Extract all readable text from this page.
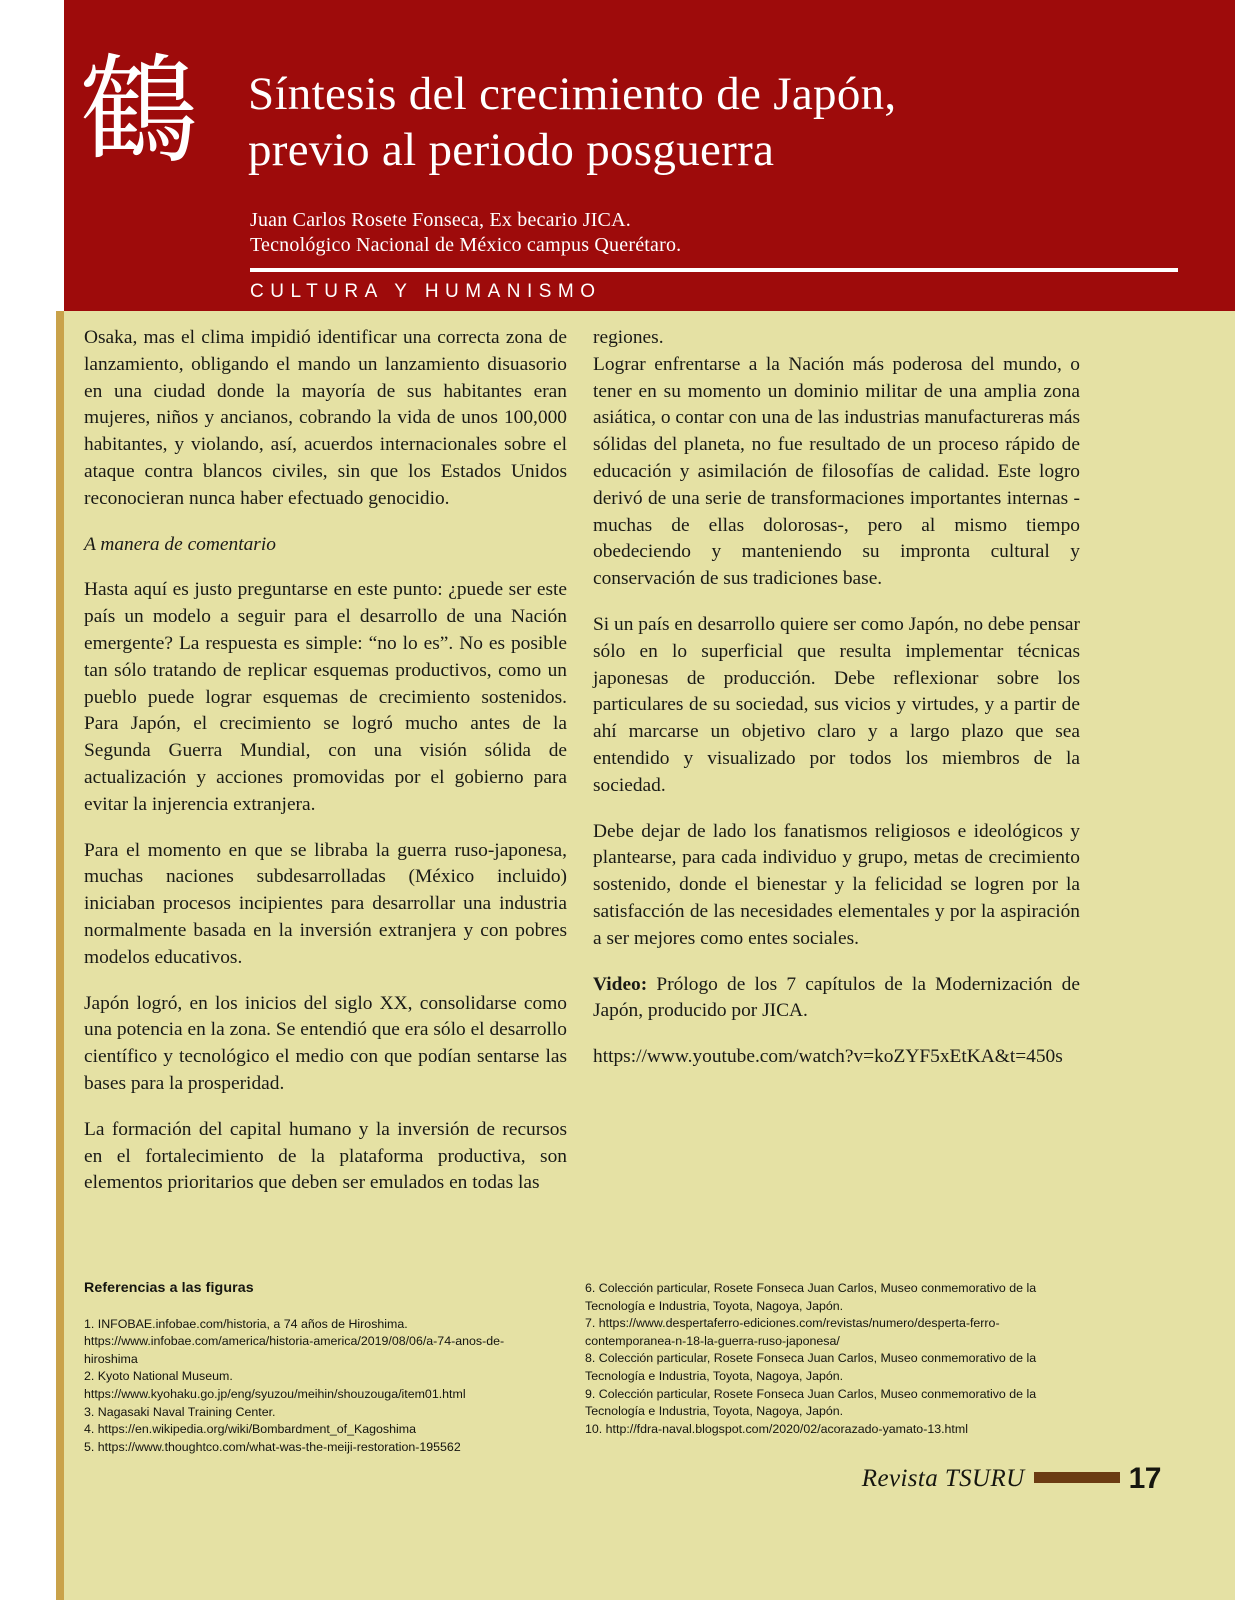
鶴 Síntesis del crecimiento de Japón,
previo al periodo posguerra
Juan Carlos Rosete Fonseca, Ex becario JICA.
Tecnológico Nacional de México campus Querétaro.
CULTURA Y HUMANISMO

Osaka, mas el clima impidió identificar una correcta zona de lanzamiento, obligando el mando un lanzamiento disuasorio en una ciudad donde la mayoría de sus habitantes eran mujeres, niños y ancianos, cobrando la vida de unos 100,000 habitantes, y violando, así, acuerdos internacionales sobre el ataque contra blancos civiles, sin que los Estados Unidos reconocieran nunca haber efectuado genocidio.

A manera de comentario

Hasta aquí es justo preguntarse en este punto: ¿puede ser este país un modelo a seguir para el desarrollo de una Nación emergente? La respuesta es simple: “no lo es”. No es posible tan sólo tratando de replicar esquemas productivos, como un pueblo puede lograr esquemas de crecimiento sostenidos. Para Japón, el crecimiento se logró mucho antes de la Segunda Guerra Mundial, con una visión sólida de actualización y acciones promovidas por el gobierno para evitar la injerencia extranjera.

Para el momento en que se libraba la guerra ruso-japonesa, muchas naciones subdesarrolladas (México incluido) iniciaban procesos incipientes para desarrollar una industria normalmente basada en la inversión extranjera y con pobres modelos educativos.

Japón logró, en los inicios del siglo XX, consolidarse como una potencia en la zona. Se entendió que era sólo el desarrollo científico y tecnológico el medio con que podían sentarse las bases para la prosperidad.

La formación del capital humano y la inversión de recursos en el fortalecimiento de la plataforma productiva, son elementos prioritarios que deben ser emulados en todas las

regiones.

Lograr enfrentarse a la Nación más poderosa del mundo, o tener en su momento un dominio militar de una amplia zona asiática, o contar con una de las industrias manufactureras más sólidas del planeta, no fue resultado de un proceso rápido de educación y asimilación de filosofías de calidad. Este logro derivó de una serie de transformaciones importantes internas -muchas de ellas dolorosas-, pero al mismo tiempo obedeciendo y manteniendo su impronta cultural y conservación de sus tradiciones base.

Si un país en desarrollo quiere ser como Japón, no debe pensar sólo en lo superficial que resulta implementar técnicas japonesas de producción. Debe reflexionar sobre los particulares de su sociedad, sus vicios y virtudes, y a partir de ahí marcarse un objetivo claro y a largo plazo que sea entendido y visualizado por todos los miembros de la sociedad.

Debe dejar de lado los fanatismos religiosos e ideológicos y plantearse, para cada individuo y grupo, metas de crecimiento sostenido, donde el bienestar y la felicidad se logren por la satisfacción de las necesidades elementales y por la aspiración a ser mejores como entes sociales.

Video: Prólogo de los 7 capítulos de la Modernización de Japón, producido por JICA.

https://www.youtube.com/watch?v=koZYF5xEtKA&t=450s

Referencias a las figuras

1. INFOBAE.infobae.com/historia, a 74 años de Hiroshima.

https://www.infobae.com/america/historia-america/2019/08/06/a-74-anos-de-hiroshima

2. Kyoto National Museum.

https://www.kyohaku.go.jp/eng/syuzou/meihin/shouzouga/item01.html

3. Nagasaki Naval Training Center.

4. https://en.wikipedia.org/wiki/Bombardment_of_Kagoshima

5. https://www.thoughtco.com/what-was-the-meiji-restoration-195562

6. Colección particular, Rosete Fonseca Juan Carlos, Museo conmemorativo de la Tecnología e Industria, Toyota, Nagoya, Japón.

7. https://www.despertaferro-ediciones.com/revistas/numero/desperta-ferro-contemporanea-n-18-la-guerra-ruso-japonesa/

8. Colección particular, Rosete Fonseca Juan Carlos, Museo conmemorativo de la Tecnología e Industria, Toyota, Nagoya, Japón.

9. Colección particular, Rosete Fonseca Juan Carlos, Museo conmemorativo de la Tecnología e Industria, Toyota, Nagoya, Japón.

10. http://fdra-naval.blogspot.com/2020/02/acorazado-yamato-13.html

Revista TSURU	17
